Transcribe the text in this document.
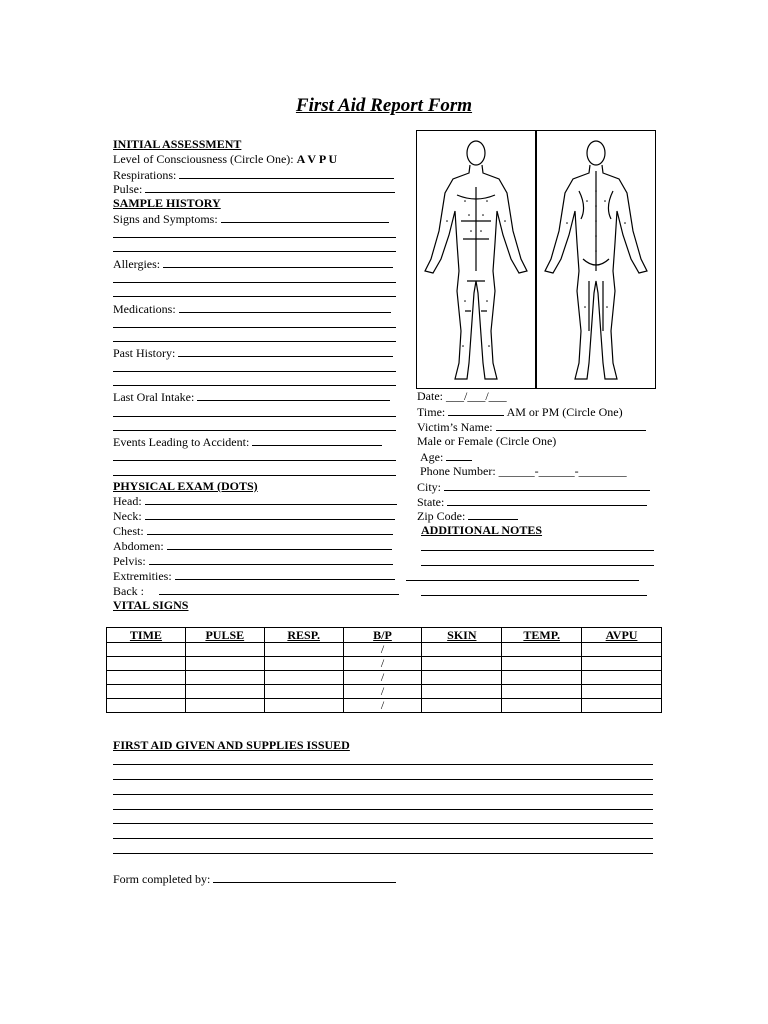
First Aid Report Form
INITIAL ASSESSMENT
Level of Consciousness (Circle One): A V P U
Respirations:
Pulse:
SAMPLE HISTORY
Signs and Symptoms:
Allergies:
Medications:
Past History:
Last Oral Intake:
Events Leading to Accident:
PHYSICAL EXAM (DOTS)
Head:
Neck:
Chest:
Abdomen:
Pelvis:
Extremities:
Back :
VITAL SIGNS
Date: ___/___/___
Time:	AM or PM (Circle One)
Victim’s Name:
Male or Female (Circle One)
Age:
Phone Number: ______-______-________
City:
State:
Zip Code:
ADDITIONAL NOTES
TIME	PULSE	RESP.	B/P	SKIN	TEMP.	AVPU
			/			
			/			
			/			
			/			
			/			
FIRST AID GIVEN AND SUPPLIES ISSUED
Form completed by:
